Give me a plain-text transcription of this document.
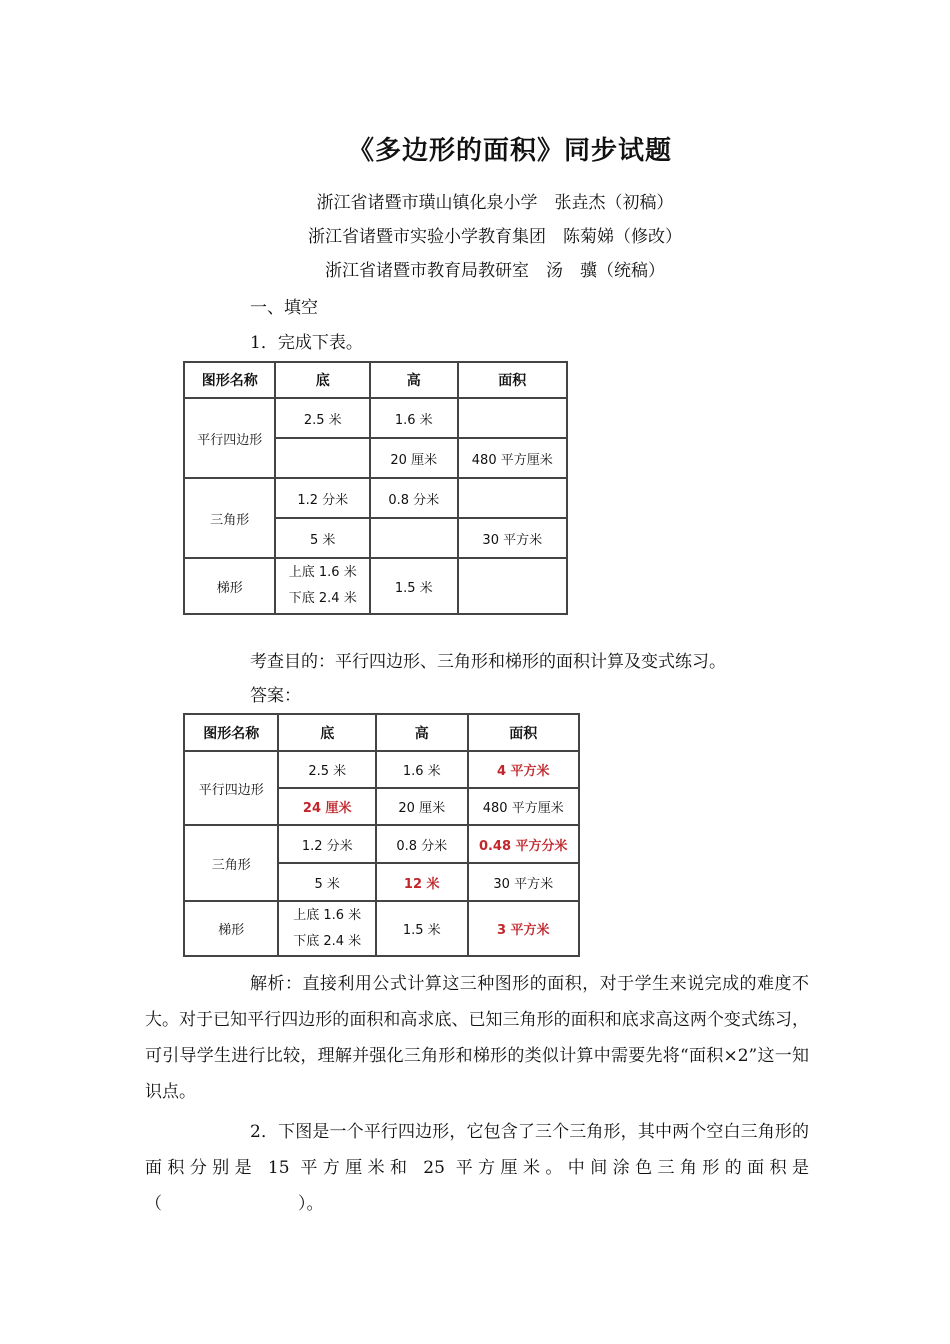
《多边形的面积》同步试题
浙江省诸暨市璜山镇化泉小学　张垚杰（初稿）
浙江省诸暨市实验小学教育集团　陈菊娣（修改）
浙江省诸暨市教育局教研室　汤　骥（统稿）
一、填空
1．完成下表。
图形名称	底	高	面积
平行四边形	2.5 米	1.6 米	
		20 厘米	480 平方厘米
三角形	1.2 分米	0.8 分米	
	5 米		30 平方米
梯形	上底 1.6 米
下底 2.4 米	1.5 米	
考查目的：平行四边形、三角形和梯形的面积计算及变式练习。
答案：
图形名称	底	高	面积
平行四边形	2.5 米	1.6 米	4 平方米
	24 厘米	20 厘米	480 平方厘米
三角形	1.2 分米	0.8 分米	0.48 平方分米
	5 米	12 米	30 平方米
梯形	上底 1.6 米
下底 2.4 米	1.5 米	3 平方米

解析：直接利用公式计算这三种图形的面积，对于学生来说完成的难度不大。对于已知平行四边形的面积和高求底、已知三角形的面积和底求高这两个变式练习，可引导学生进行比较，理解并强化三角形和梯形的类似计算中需要先将“面积×2”这一知识点。

2．下图是一个平行四边形，它包含了三个三角形，其中两个空白三角形的面积分别是 15 平方厘米和 25 平方厘米。中间涂色三角形的面积是（　　　　　　　　）。
